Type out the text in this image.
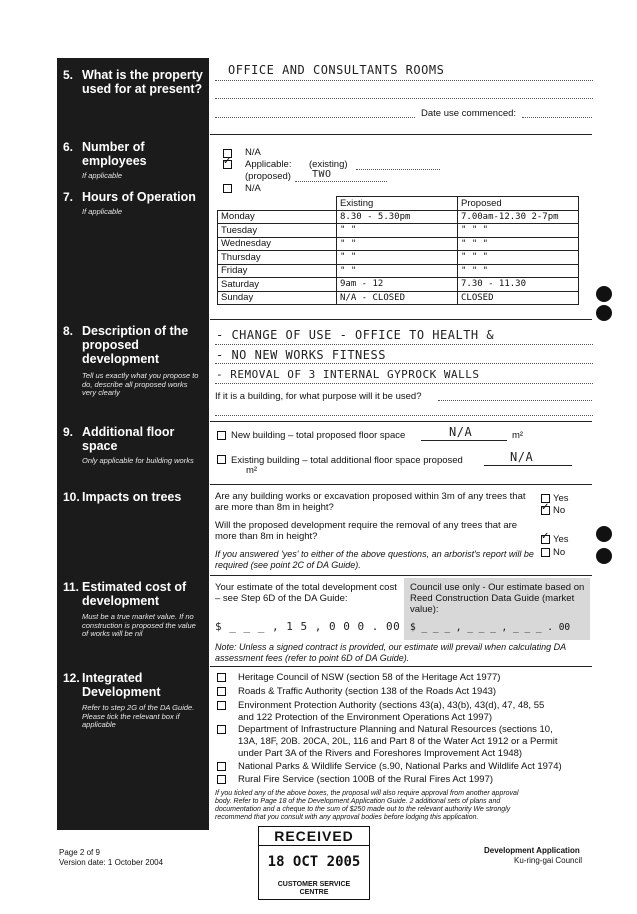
5. What is the property used for at present?
6. Number of employees
If applicable
7. Hours of Operation
If applicable
8. Description of the proposed development
Tell us exactly what you propose to do, describe all proposed works very clearly
9. Additional floor space
Only applicable for building works
10. Impacts on trees
11. Estimated cost of development
Must be a true market value. If no construction is proposed the value of works will be nil
12. Integrated Development
Refer to step 2G of the DA Guide. Please tick the relevant box if applicable
OFFICE AND CONSULTANTS ROOMS
Date use commenced:
N/A
✓
Applicable: (existing)
(proposed) TWO
N/A
	Existing	Proposed
Monday	8.30 - 5.30pm	7.00am-12.30 2-7pm
Tuesday	" "	" " "
Wednesday	" "	" " "
Thursday	" "	" " "
Friday	" "	" " "
Saturday	9am - 12	7.30 - 11.30
Sunday	N/A - CLOSED	CLOSED
- CHANGE OF USE - OFFICE TO HEALTH &
- NO NEW WORKS FITNESS
- REMOVAL OF 3 INTERNAL GYPROCK WALLS
If it is a building, for what purpose will it be used?
New building – total proposed floor space	N/A	m²
Existing building – total additional floor space proposed	N/A
m²
Are any building works or excavation proposed within 3m of any trees that are more than 8m in height?
Yes
✓
No
Will the proposed development require the removal of any trees that are more than 8m in height? ✓	Yes
No
If you answered 'yes' to either of the above questions, an arborist's report will be required (see point 2C of DA Guide).
Your estimate of the total development cost – see Step 6D of the DA Guide:
$ _ _ _ , 1 5 , 0 0 0 . 00
Council use only - Our estimate based on Reed Construction Data Guide (market value):
$ _ _ _ , _ _ _ , _ _ _ . 00
Note: Unless a signed contract is provided, our estimate will prevail when calculating DA assessment fees (refer to point 6D of DA Guide).
Heritage Council of NSW (section 58 of the Heritage Act 1977)
Roads & Traffic Authority (section 138 of the Roads Act 1943)
Environment Protection Authority (sections 43(a), 43(b), 43(d), 47, 48, 55
and 122 Protection of the Environment Operations Act 1997)
Department of Infrastructure Planning and Natural Resources (sections 10,
13A, 18F, 20B. 20CA, 20L, 116 and Part 8 of the Water Act 1912 or a Permit
under Part 3A of the Rivers and Foreshores Improvement Act 1948)
National Parks & Wildlife Service (s.90, National Parks and Wildlife Act 1974)
Rural Fire Service (section 100B of the Rural Fires Act 1997)
If you ticked any of the above boxes, the proposal will also require approval from another approval
body. Refer to Page 18 of the Development Application Guide. 2 additional sets of plans and
documentation and a cheque to the sum of $250 made out to the relevant authority We strongly
recommend that you consult with any approval bodies before lodging this application.
RECEIVED
18 OCT 2005
CUSTOMER SERVICE
CENTRE
Page 2 of 9
Version date: 1 October 2004
Development Application
Ku-ring-gai Council
